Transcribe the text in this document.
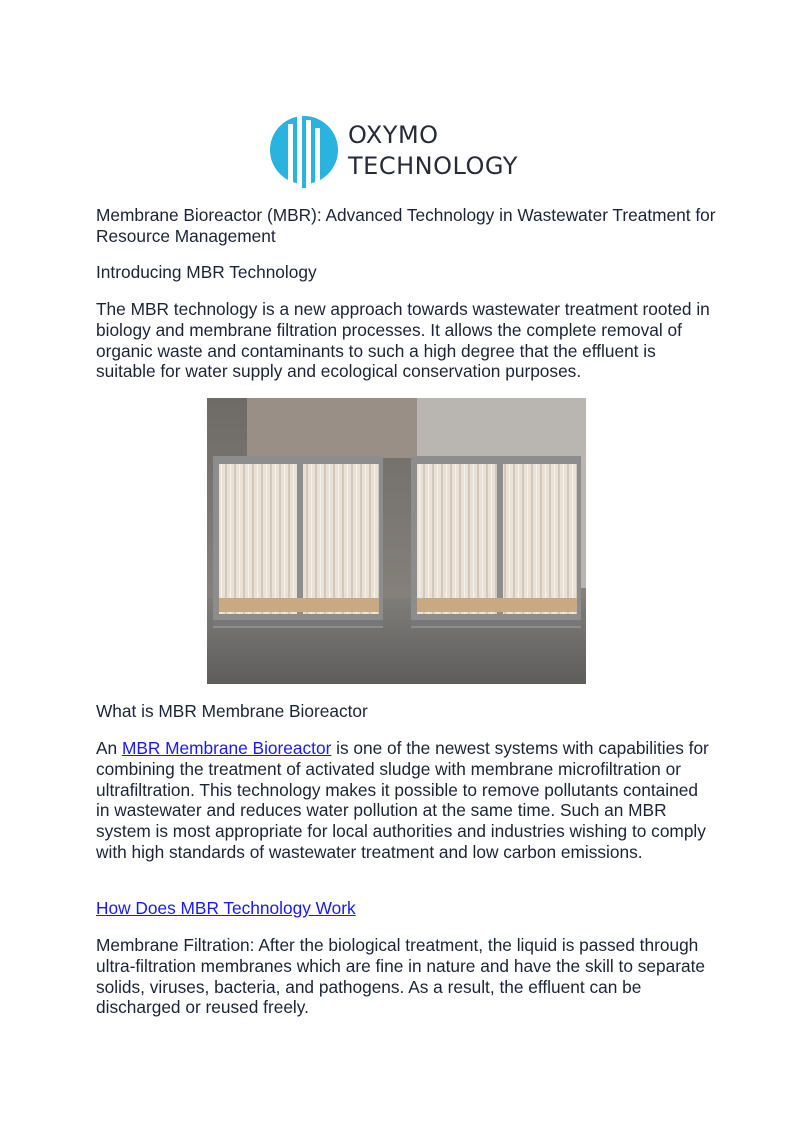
OXYMO
TECHNOLOGY

Membrane Bioreactor (MBR): Advanced Technology in Wastewater Treatment for Resource Management

Introducing MBR Technology

The MBR technology is a new approach towards wastewater treatment rooted in biology and membrane filtration processes. It allows the complete removal of organic waste and contaminants to such a high degree that the effluent is suitable for water supply and ecological conservation purposes.

What is MBR Membrane Bioreactor

An MBR Membrane Bioreactor is one of the newest systems with capabilities for combining the treatment of activated sludge with membrane microfiltration or ultrafiltration. This technology makes it possible to remove pollutants contained in wastewater and reduces water pollution at the same time. Such an MBR system is most appropriate for local authorities and industries wishing to comply with high standards of wastewater treatment and low carbon emissions.

How Does MBR Technology Work

Membrane Filtration: After the biological treatment, the liquid is passed through ultra-filtration membranes which are fine in nature and have the skill to separate solids, viruses, bacteria, and pathogens. As a result, the effluent can be discharged or reused freely.
